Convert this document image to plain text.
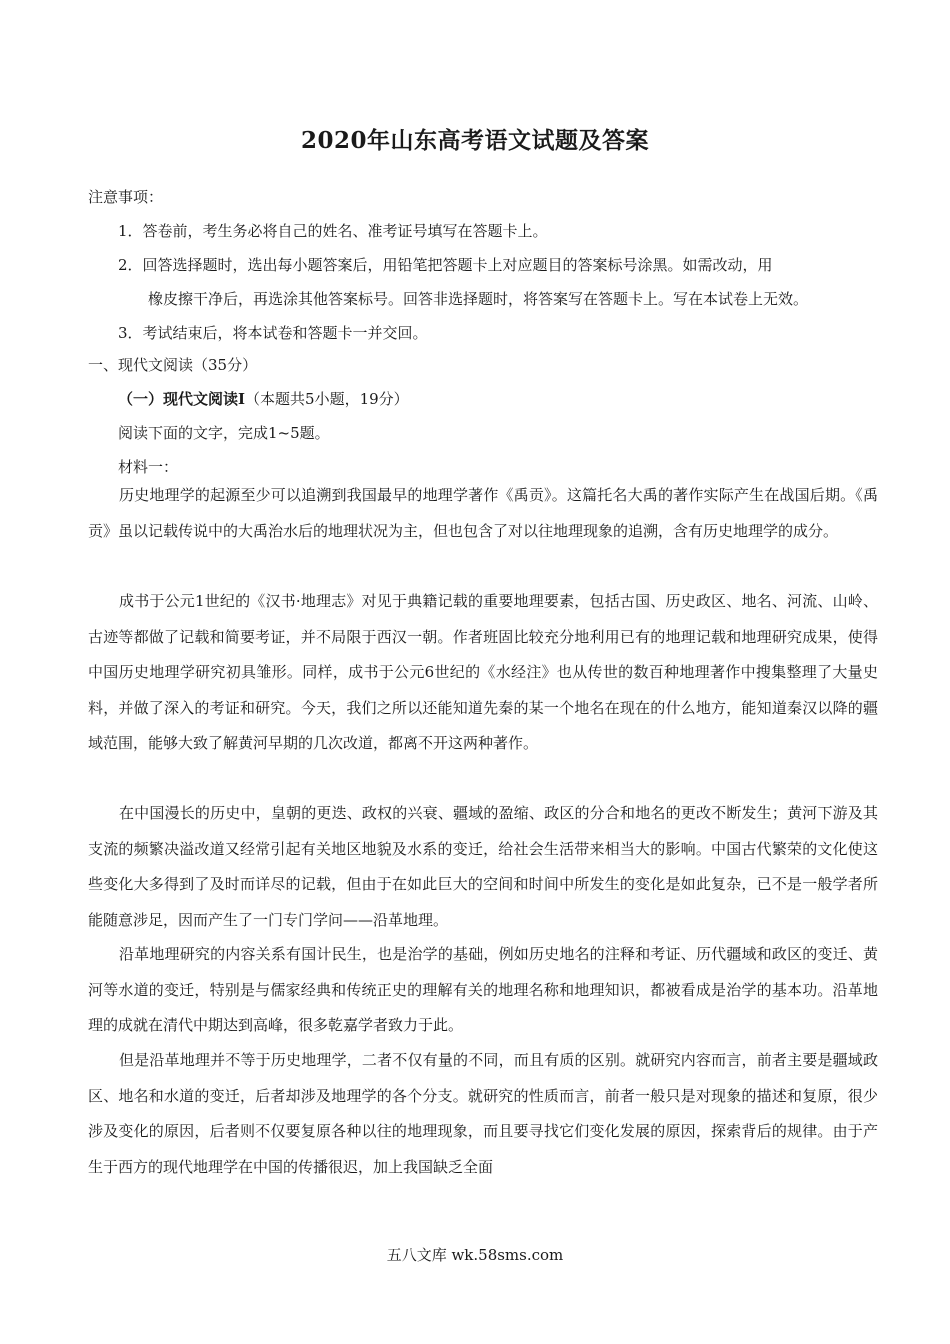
2020年山东高考语文试题及答案
注意事项：
1．答卷前，考生务必将自己的姓名、准考证号填写在答题卡上。
2．回答选择题时，选出每小题答案后，用铅笔把答题卡上对应题目的答案标号涂黑。如需改动，用
橡皮擦干净后，再选涂其他答案标号。回答非选择题时，将答案写在答题卡上。写在本试卷上无效。
3．考试结束后，将本试卷和答题卡一并交回。
一、现代文阅读（35分）
（一）现代文阅读Ⅰ（本题共5小题，19分）
阅读下面的文字，完成1~5题。
材料一：

历史地理学的起源至少可以追溯到我国最早的地理学著作《禹贡》。这篇托名大禹的著作实际产生在战国后期。《禹贡》虽以记载传说中的大禹治水后的地理状况为主，但也包含了对以往地理现象的追溯，含有历史地理学的成分。

成书于公元1世纪的《汉书·地理志》对见于典籍记载的重要地理要素，包括古国、历史政区、地名、河流、山岭、古迹等都做了记载和简要考证，并不局限于西汉一朝。作者班固比较充分地利用已有的地理记载和地理研究成果，使得中国历史地理学研究初具雏形。同样，成书于公元6世纪的《水经注》也从传世的数百种地理著作中搜集整理了大量史料，并做了深入的考证和研究。今天，我们之所以还能知道先秦的某一个地名在现在的什么地方，能知道秦汉以降的疆域范围，能够大致了解黄河早期的几次改道，都离不开这两种著作。

在中国漫长的历史中，皇朝的更迭、政权的兴衰、疆域的盈缩、政区的分合和地名的更改不断发生；黄河下游及其支流的频繁决溢改道又经常引起有关地区地貌及水系的变迁，给社会生活带来相当大的影响。中国古代繁荣的文化使这些变化大多得到了及时而详尽的记载，但由于在如此巨大的空间和时间中所发生的变化是如此复杂，已不是一般学者所能随意涉足，因而产生了一门专门学问——沿革地理。

沿革地理研究的内容关系有国计民生，也是治学的基础，例如历史地名的注释和考证、历代疆域和政区的变迁、黄河等水道的变迁，特别是与儒家经典和传统正史的理解有关的地理名称和地理知识，都被看成是治学的基本功。沿革地理的成就在清代中期达到高峰，很多乾嘉学者致力于此。

但是沿革地理并不等于历史地理学，二者不仅有量的不同，而且有质的区别。就研究内容而言，前者主要是疆域政区、地名和水道的变迁，后者却涉及地理学的各个分支。就研究的性质而言，前者一般只是对现象的描述和复原，很少涉及变化的原因，后者则不仅要复原各种以往的地理现象，而且要寻找它们变化发展的原因，探索背后的规律。由于产生于西方的现代地理学在中国的传播很迟，加上我国缺乏全面

五八文库 wk.58sms.com
